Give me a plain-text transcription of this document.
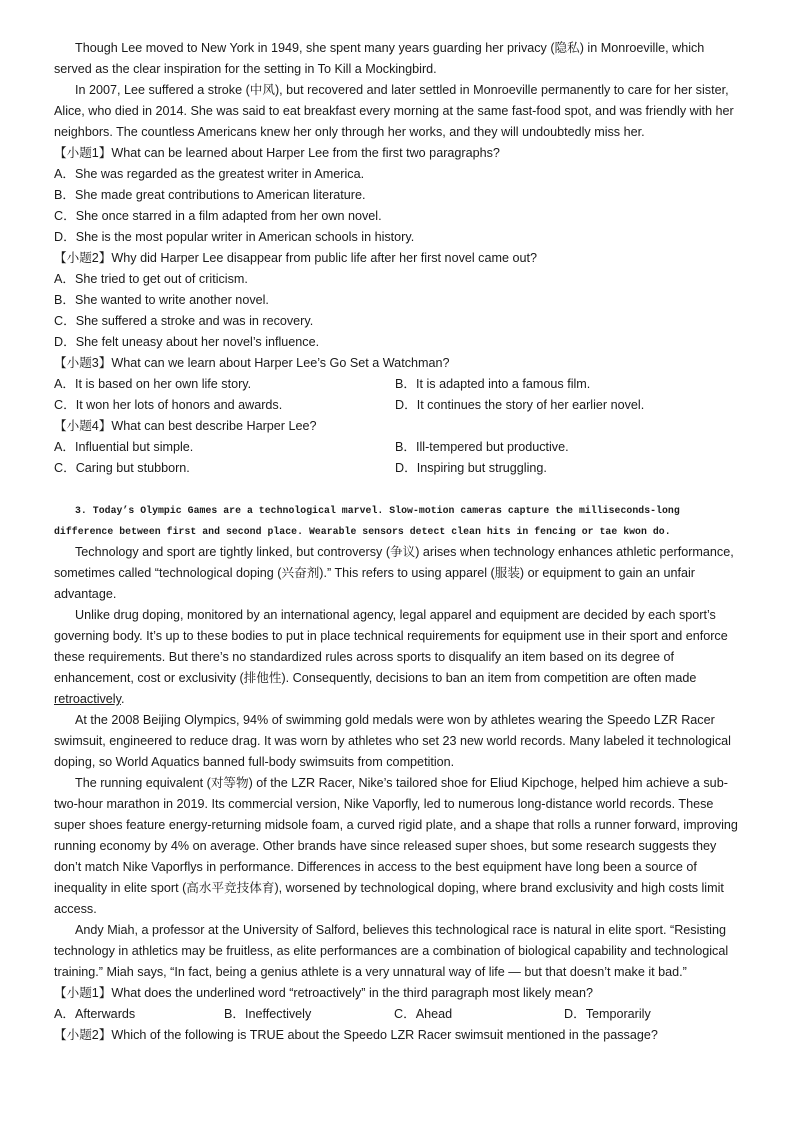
Though Lee moved to New York in 1949, she spent many years guarding her privacy (隐私) in Monroeville, which served as the clear inspiration for the setting in To Kill a Mockingbird.

In 2007, Lee suffered a stroke (中风), but recovered and later settled in Monroeville permanently to care for her sister, Alice, who died in 2014. She was said to eat breakfast every morning at the same fast-food spot, and was friendly with her neighbors. The countless Americans knew her only through her works, and they will undoubtedly miss her.

【小题1】What can be learned about Harper Lee from the first two paragraphs?

A．She was regarded as the greatest writer in America.

B．She made great contributions to American literature.

C．She once starred in a film adapted from her own novel.

D．She is the most popular writer in American schools in history.

【小题2】Why did Harper Lee disappear from public life after her first novel came out?

A．She tried to get out of criticism.

B．She wanted to write another novel.

C．She suffered a stroke and was in recovery.

D．She felt uneasy about her novel’s influence.

【小题3】What can we learn about Harper Lee’s Go Set a Watchman?

A．It is based on her own life story.	B．It is adapted into a famous film.
C．It won her lots of honors and awards.	D．It continues the story of her earlier novel.

【小题4】What can best describe Harper Lee?

A．Influential but simple.	B．Ill-tempered but productive.
C．Caring but stubborn.	D．Inspiring but struggling.

3. Today’s Olympic Games are a technological marvel. Slow-motion cameras capture the milliseconds-long

difference between first and second place. Wearable sensors detect clean hits in fencing or tae kwon do.

Technology and sport are tightly linked, but controversy (争议) arises when technology enhances athletic performance, sometimes called “technological doping (兴奋剂).” This refers to using apparel (服装) or equipment to gain an unfair advantage.

Unlike drug doping, monitored by an international agency, legal apparel and equipment are decided by each sport’s governing body. It’s up to these bodies to put in place technical requirements for equipment use in their sport and enforce these requirements. But there’s no standardized rules across sports to disqualify an item based on its degree of enhancement, cost or exclusivity (排他性). Consequently, decisions to ban an item from competition are often made retroactively.

At the 2008 Beijing Olympics, 94% of swimming gold medals were won by athletes wearing the Speedo LZR Racer swimsuit, engineered to reduce drag. It was worn by athletes who set 23 new world records. Many labeled it technological doping, so World Aquatics banned full-body swimsuits from competition.

The running equivalent (对等物) of the LZR Racer, Nike’s tailored shoe for Eliud Kipchoge, helped him achieve a sub-two-hour marathon in 2019. Its commercial version, Nike Vaporfly, led to numerous long-distance world records. These super shoes feature energy-returning midsole foam, a curved rigid plate, and a shape that rolls a runner forward, improving running economy by 4% on average. Other brands have since released super shoes, but some research suggests they don’t match Nike Vaporflys in performance. Differences in access to the best equipment have long been a source of inequality in elite sport (高水平竞技体育), worsened by technological doping, where brand exclusivity and high costs limit access.

Andy Miah, a professor at the University of Salford, believes this technological race is natural in elite sport. “Resisting technology in athletics may be fruitless, as elite performances are a combination of biological capability and technological training.” Miah says, “In fact, being a genius athlete is a very unnatural way of life — but that doesn’t make it bad.”

【小题1】What does the underlined word “retroactively” in the third paragraph most likely mean?

A．Afterwards	B．Ineffectively	C．Ahead	D．Temporarily

【小题2】Which of the following is TRUE about the Speedo LZR Racer swimsuit mentioned in the passage?
